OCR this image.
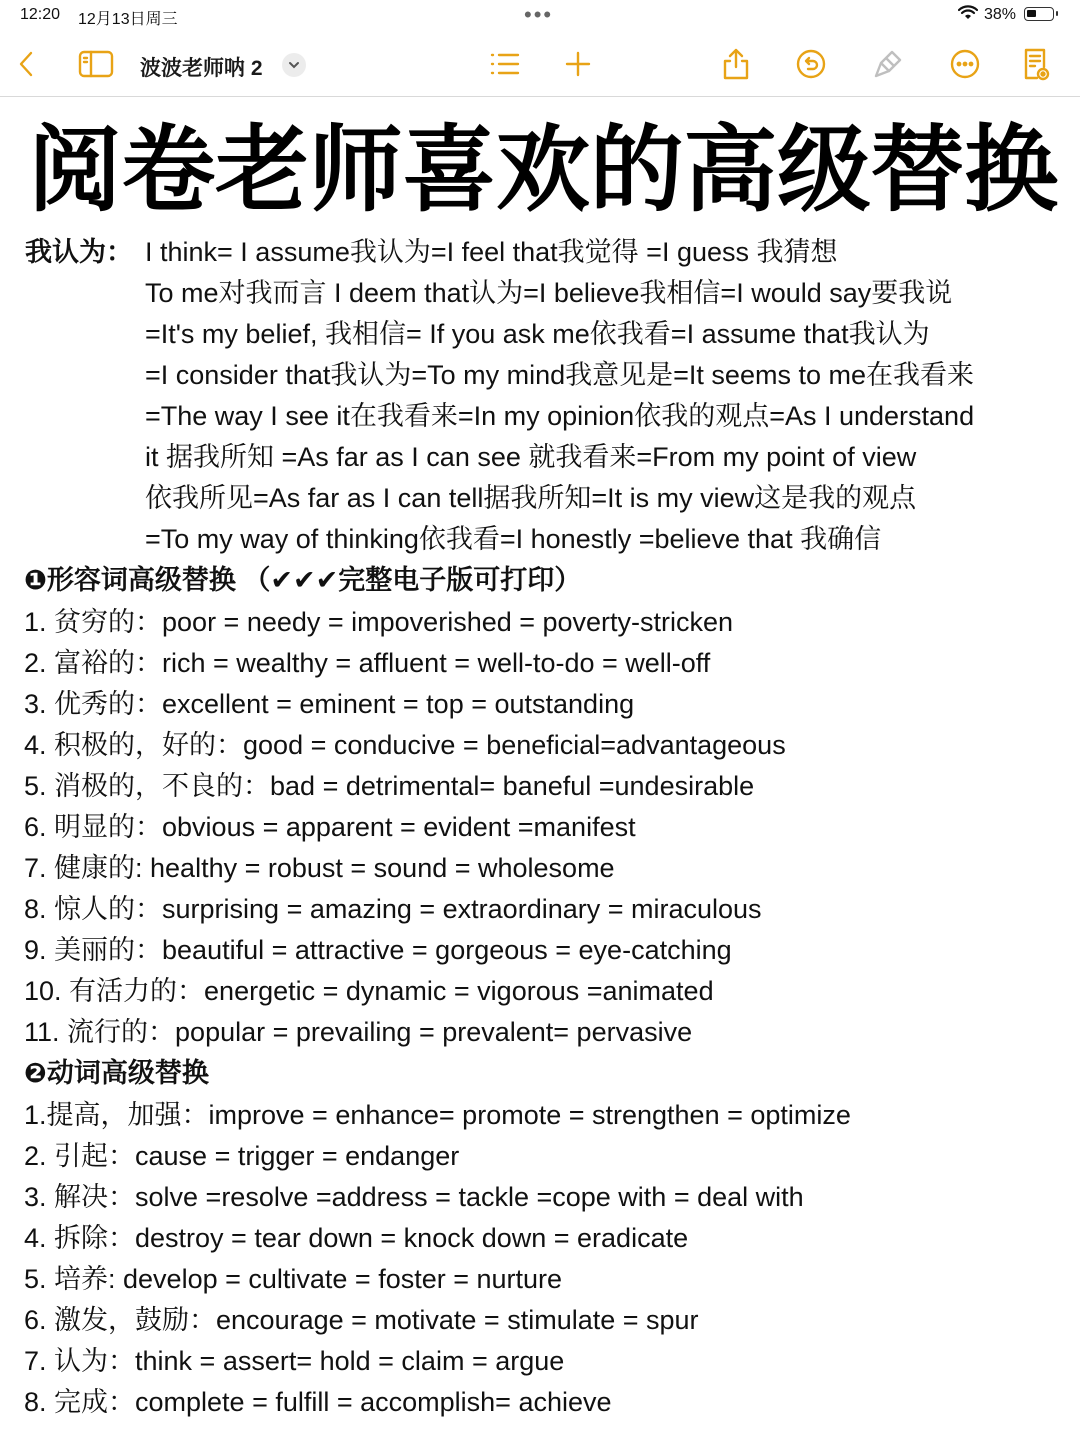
12:20 12月13日周三	•••	38%
波波老师呐 2
阅卷老师喜欢的高级替换
我认为： I think= I assume我认为=I feel that我觉得 =I guess 我猜想
To me对我而言 I deem that认为=I believe我相信=I would say要我说
=It's my belief, 我相信= If you ask me依我看=I assume that我认为
=I consider that我认为=To my mind我意见是=It seems to me在我看来
=The way I see it在我看来=In my opinion依我的观点=As I understand
it 据我所知 =As far as I can see 就我看来=From my point of view
依我所见=As far as I can tell据我所知=It is my view这是我的观点
=To my way of thinking依我看=I honestly =believe that 我确信
❶形容词高级替换 （✔✔✔完整电子版可打印）
1. 贫穷的：poor = needy = impoverished = poverty-stricken
2. 富裕的：rich = wealthy = affluent = well-to-do = well-off
3. 优秀的：excellent = eminent = top = outstanding
4. 积极的，好的：good = conducive = beneficial=advantageous
5. 消极的，不良的：bad = detrimental= baneful =undesirable
6. 明显的：obvious = apparent = evident =manifest
7. 健康的: healthy = robust = sound = wholesome
8. 惊人的：surprising = amazing = extraordinary = miraculous
9. 美丽的：beautiful = attractive = gorgeous = eye-catching
10. 有活力的：energetic = dynamic = vigorous =animated
11. 流行的：popular = prevailing = prevalent= pervasive
❷动词高级替换
1.提高，加强：improve = enhance= promote = strengthen = optimize
2. 引起：cause = trigger = endanger
3. 解决：solve =resolve =address = tackle =cope with = deal with
4. 拆除：destroy = tear down = knock down = eradicate
5. 培养: develop = cultivate = foster = nurture
6. 激发，鼓励：encourage = motivate = stimulate = spur
7. 认为：think = assert= hold = claim = argue
8. 完成：complete = fulfill = accomplish= achieve
